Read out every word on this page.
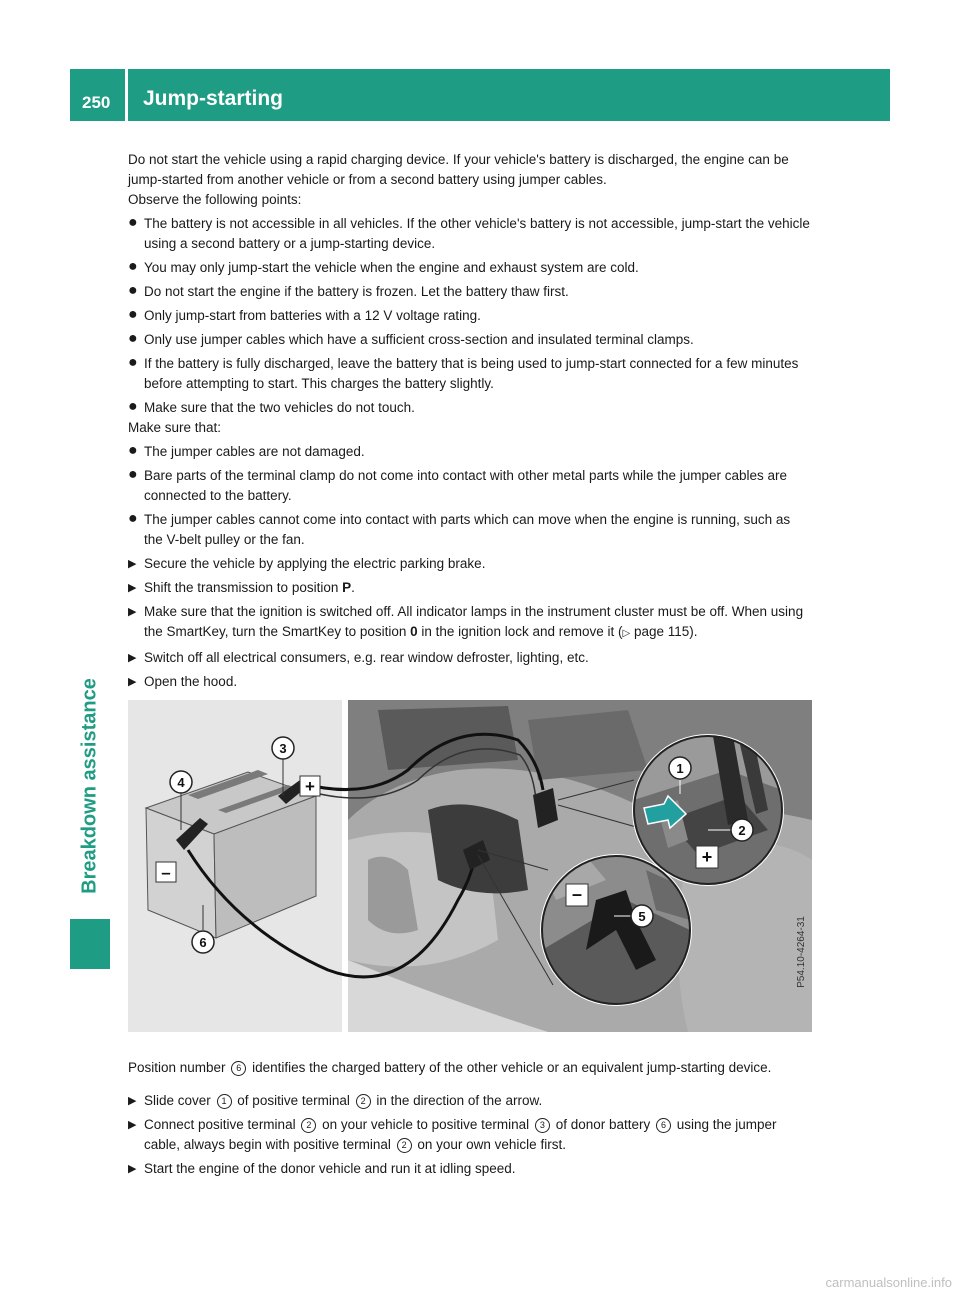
250 Jump-starting
Breakdown assistance

Do not start the vehicle using a rapid charging device. If your vehicle's battery is discharged, the engine can be jump-started from another vehicle or from a second battery using jumper cables.

Observe the following points:

● The battery is not accessible in all vehicles. If the other vehicle's battery is not accessible, jump-start the vehicle using a second battery or a jump-starting device.
● You may only jump-start the vehicle when the engine and exhaust system are cold.
● Do not start the engine if the battery is frozen. Let the battery thaw first.
● Only jump-start from batteries with a 12 V voltage rating.
● Only use jumper cables which have a sufficient cross-section and insulated terminal clamps.
● If the battery is fully discharged, leave the battery that is being used to jump-start connected for a few minutes before attempting to start. This charges the battery slightly.
● Make sure that the two vehicles do not touch.

Make sure that:

● The jumper cables are not damaged.
● Bare parts of the terminal clamp do not come into contact with other metal parts while the jumper cables are connected to the battery.
● The jumper cables cannot come into contact with parts which can move when the engine is running, such as the V-belt pulley or the fan.
▶ Secure the vehicle by applying the electric parking brake.
▶ Shift the transmission to position P.
▶ Make sure that the ignition is switched off. All indicator lamps in the instrument cluster must be off. When using the SmartKey, turn the SmartKey to position 0 in the ignition lock and remove it (▷ page 115).
▶ Switch off all electrical consumers, e.g. rear window defroster, lighting, etc.
▶ Open the hood.
+
1
2
–
5
+
–
3
4
6	P54.10-4264-31

Position number 6 identifies the charged battery of the other vehicle or an equivalent jump-starting device.

▶ Slide cover 1 of positive terminal 2 in the direction of the arrow.
▶ Connect positive terminal 2 on your vehicle to positive terminal 3 of donor battery 6 using the jumper cable, always begin with positive terminal 2 on your own vehicle first.
▶ Start the engine of the donor vehicle and run it at idling speed.
carmanualsonline.info
